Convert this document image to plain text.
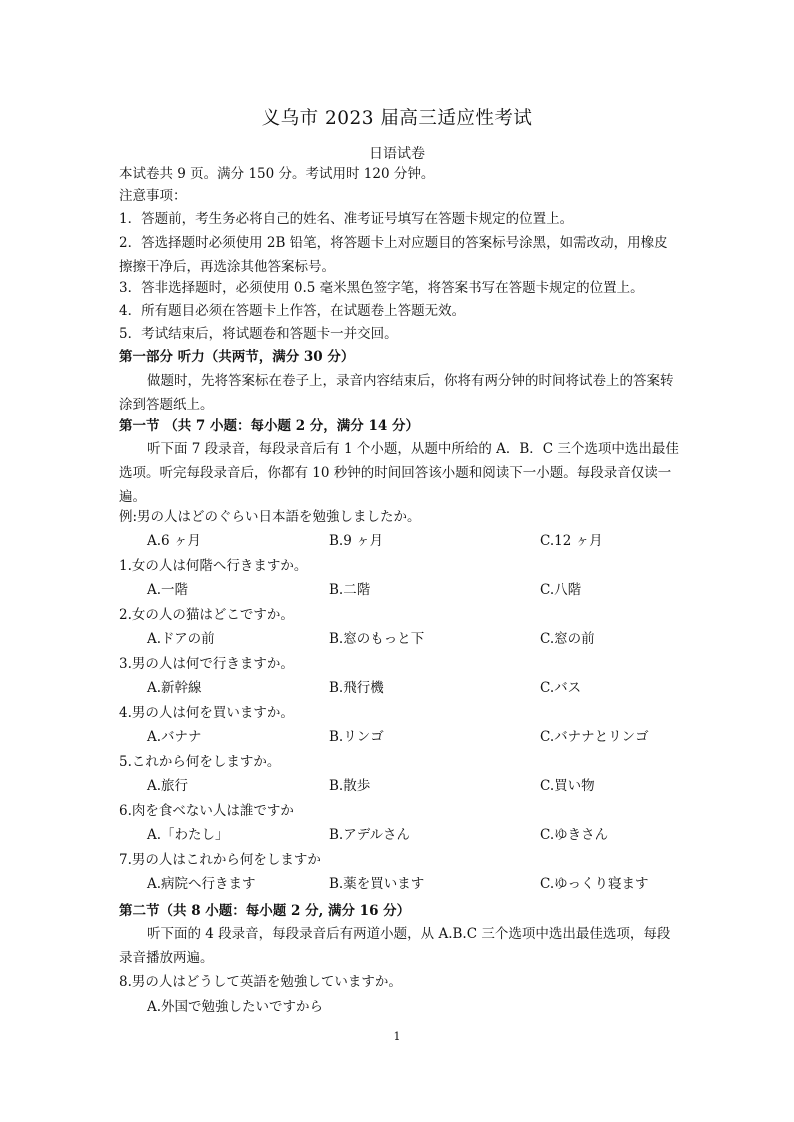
义乌市 2023 届高三适应性考试
日语试卷
本试卷共 9 页。满分 150 分。考试用时 120 分钟。
注意事项：
1．答题前，考生务必将自己的姓名、准考证号填写在答题卡规定的位置上。
2．答选择题时必须使用 2B 铅笔，将答题卡上对应题目的答案标号涂黑，如需改动，用橡皮擦擦干净后，再选涂其他答案标号。
3．答非选择题时，必须使用 0.5 毫米黑色签字笔，将答案书写在答题卡规定的位置上。
4．所有题目必须在答题卡上作答，在试题卷上答题无效。
5．考试结束后，将试题卷和答题卡一并交回。
第一部分 听力（共两节，满分 30 分）
做题时，先将答案标在卷子上，录音内容结束后，你将有两分钟的时间将试卷上的答案转涂到答题纸上。
第一节 （共 7 小题：每小题 2 分，满分 14 分）
听下面 7 段录音，每段录音后有 1 个小题，从题中所给的 A．B．C 三个选项中选出最佳选项。听完每段录音后，你都有 10 秒钟的时间回答该小题和阅读下一小题。每段录音仅读一遍。
例:男の人はどのぐらい日本語を勉強しましたか。
A.6 ヶ月	B.9 ヶ月	C.12 ヶ月
1.女の人は何階へ行きますか。
A.一階	B.二階	C.八階
2.女の人の猫はどこですか。
A.ドアの前	B.窓のもっと下	C.窓の前
3.男の人は何で行きますか。
A.新幹線	B.飛行機	C.バス
4.男の人は何を買いますか。
A.バナナ	B.リンゴ	C.バナナとリンゴ
5.これから何をしますか。
A.旅行	B.散歩	C.買い物
6.肉を食べない人は誰ですか
A.「わたし」	B.アデルさん	C.ゆきさん
7.男の人はこれから何をしますか
A.病院へ行きます	B.薬を買います	C.ゆっくり寝ます
第二节（共 8 小题：每小题 2 分, 满分 16 分）
听下面的 4 段录音，每段录音后有两道小题，从 A.B.C 三个选项中选出最佳选项，每段录音播放两遍。
8.男の人はどうして英語を勉強していますか。
A.外国で勉強したいですから
1
